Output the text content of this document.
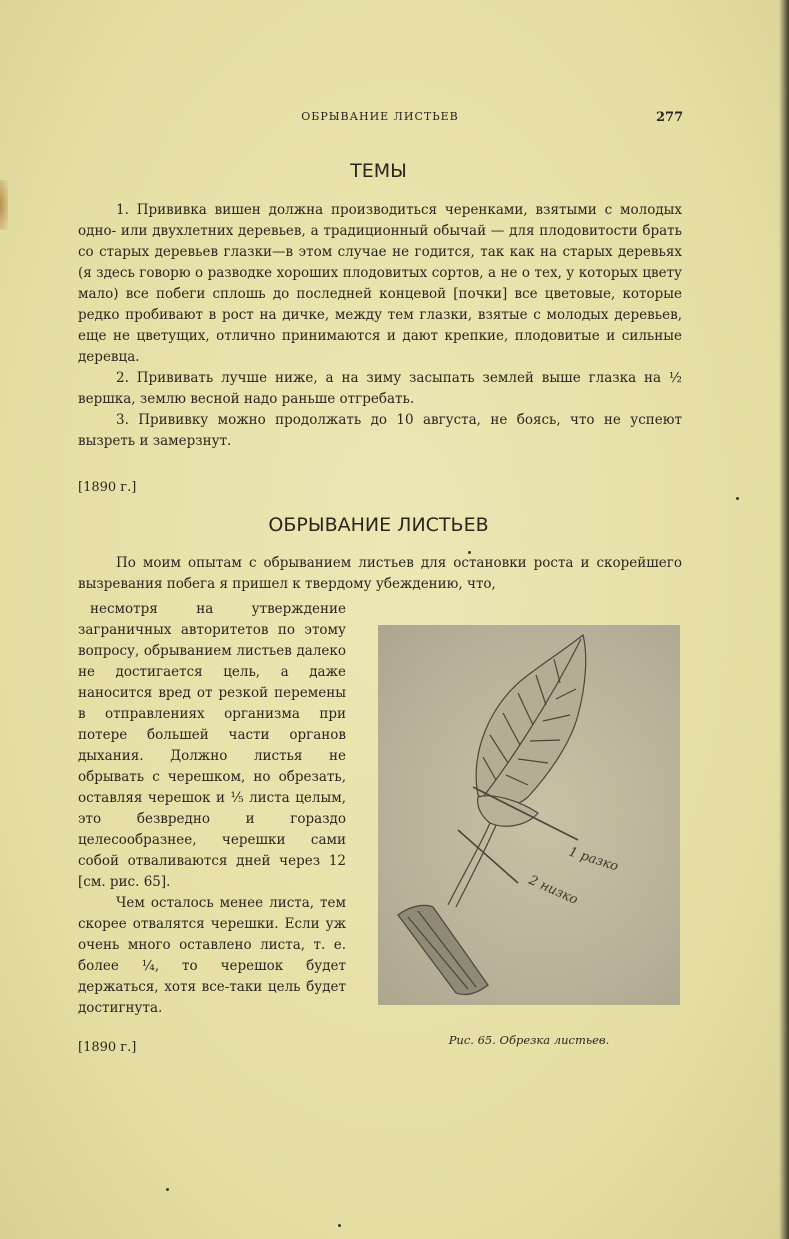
ОБРЫВАНИЕ ЛИСТЬЕВ	277
ТЕМЫ

1. Прививка вишен должна производиться черенками, взятыми с молодых одно- или двухлетних деревьев, а традиционный обычай — для плодовитости брать со старых деревьев глазки—в этом случае не годится, так как на старых деревьях (я здесь говорю о разводке хороших плодовитых сортов, а не о тех, у которых цвету мало) все побеги сплошь до последней концевой [почки] все цветовые, которые редко пробивают в рост на дичке, между тем глазки, взятые с молодых деревьев, еще не цветущих, отлично принимаются и дают крепкие, плодовитые и сильные деревца.

2. Прививать лучше ниже, а на зиму засыпать землей выше глазка на ½ вершка, землю весной надо раньше отгребать.

3. Прививку можно продолжать до 10 августа, не боясь, что не успеют вызреть и замерзнут.

[1890 г.]
ОБРЫВАНИЕ ЛИСТЬЕВ

По моим опытам с обрыванием листьев для остановки роста и скорейшего вызревания побега я пришел к твердому убеждению, что,

несмотря на утверждение заграничных авторитетов по этому вопросу, обрыванием листьев далеко не достигается цель, а даже наносится вред от резкой перемены в отправлениях организма при потере большей части органов дыхания. Должно листья не обрывать с черешком, но обрезать, оставляя черешок и ⅕ листа целым, это безвредно и гораздо целесообразнее, черешки сами собой отваливаются дней через 12 [см. рис. 65].

Чем осталось менее листа, тем скорее отвалятся черешки. Если уж очень много оставлено листа, т. е. более ¼, то черешок будет держаться, хотя все-таки цель будет достигнута.

[1890 г.]
1 разко
2 низко
Рис. 65. Обрезка листьев.
